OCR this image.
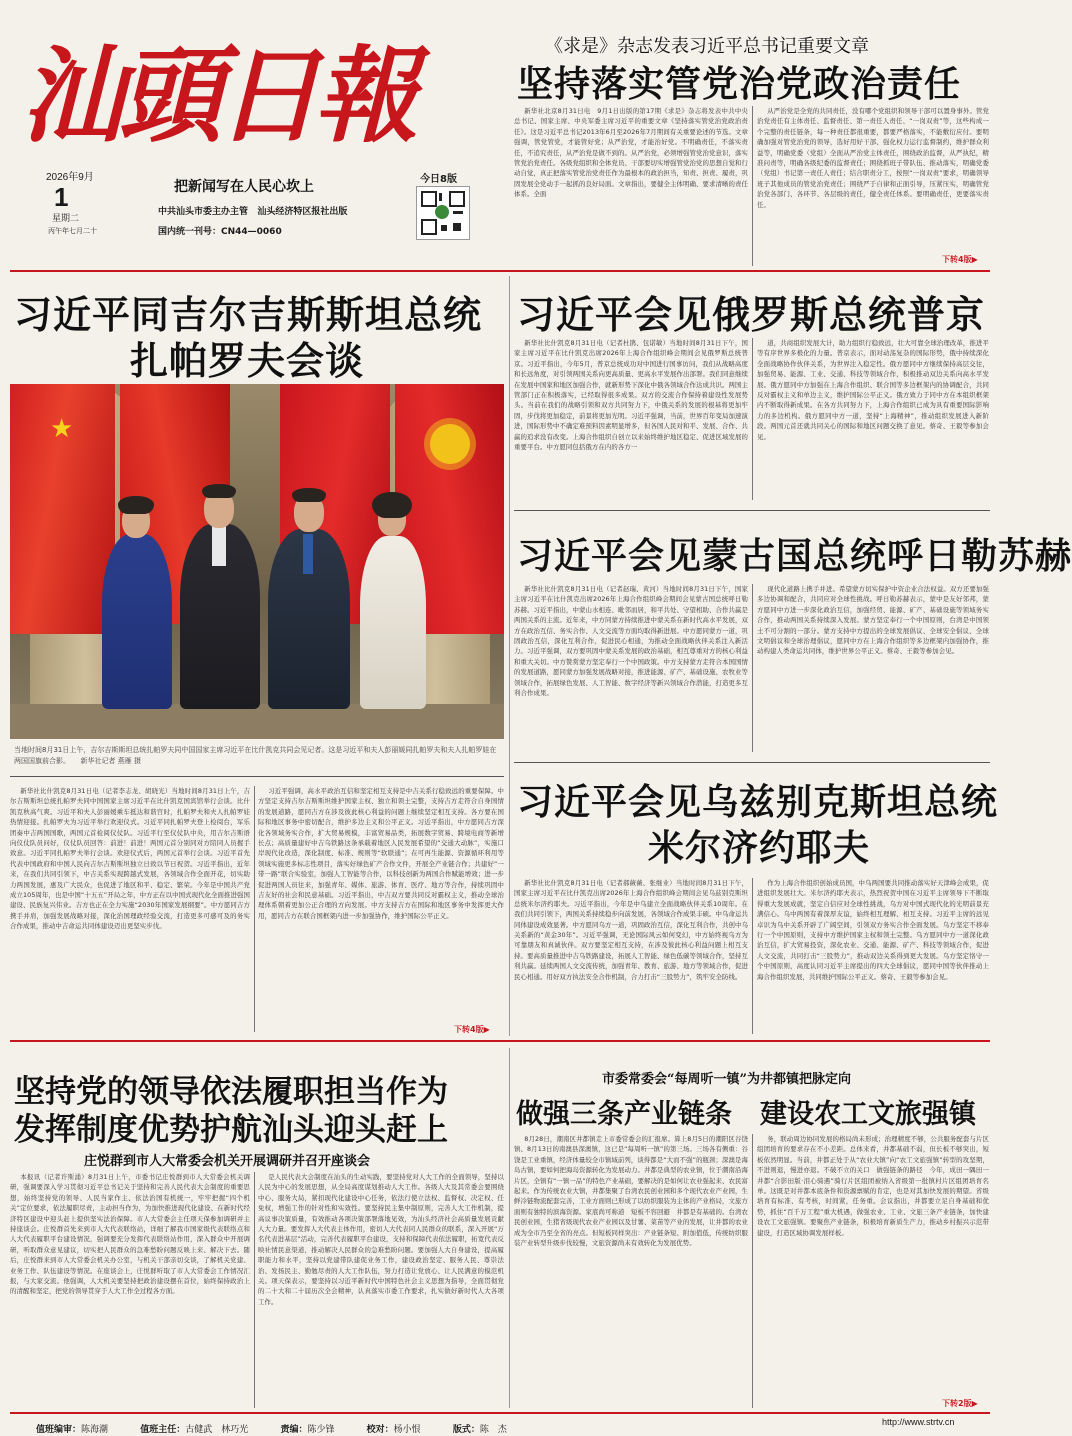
汕頭日報
2026年9月
1
星期二
丙午年七月二十
把新闻写在人民心坎上
中共汕头市委主办主管   汕头经济特区报社出版
国内统一刊号：CN44—0060
今日8版
《求是》杂志发表习近平总书记重要文章
坚持落实管党治党政治责任

新华社北京8月31日电　9月1日出版的第17期《求是》杂志将发表中共中央总书记、国家主席、中央军委主席习近平的重要文章《坚持落实管党治党政治责任》。这是习近平总书记2013年6月至2026年7月期间有关重要论述的节选。文章强调，管党管党，才能管好党；从严治党，才能治好党。不明确责任，不落实责任，不追究责任，从严治党是做不到的。从严治党，必须增强管党治党意识，落实管党治党责任。各级党组织和全体党员、干部要切实增强管党治党的思想自觉和行动自觉，真正把落实管党治党责任作为最根本的政治担当，知责、担责、履责，巩固发展全党动手一起抓的良好局面。文章指出，要健全主体明确、要求清晰的责任体系。全面

从严治党是全党的共同责任，没有哪个党组织和领导干部可以置身事外。管党治党责任有主体责任、监督责任、第一责任人责任、“一岗双责”等，这些构成一个完整的责任链条，每一种责任都很重要，都要严格落实，不能敷衍应付。要明确加强对管党治党的领导，选好用好干部、强化权力运行监督制约，维护群众利益等，明确党委（党组）全面从严治党主体责任，围绕政治监督，从严执纪，精准问责等，明确各级纪委的监督责任；围绕抓班子带队伍、推动落实，明确党委（党组）书记第一责任人责任；结合职责分工，按照“一岗双责”要求，明确领导班子其他成员的管党治党责任；围绕严于自律和正面引导，压紧压实，明确管党治党各部门、各环节、各层级的责任，健全责任体系。要明确责任，更要落实责任。

下转4版▶
习近平同吉尔吉斯斯坦总统
扎帕罗夫会谈
★
当地时间8月31日上午，吉尔吉斯斯坦总统扎帕罗夫同中国国家主席习近平在比什凯克共同会见记者。这是习近平和夫人彭丽媛同扎帕罗夫和夫人扎帕罗娃在两国国旗前合影。　　 新华社记者 燕雁 摄

新华社比什凯克8月31日电（记者李志龙、胡晓光）当地时间8月31日上午，吉尔吉斯斯坦总统扎帕罗夫同中国国家主席习近平在比什凯克国宾馆举行会谈。比什凯克秋高气爽。习近平和夫人彭丽媛乘车抵达和谐宫时，扎帕罗夫和夫人扎帕罗娃热情迎接。扎帕罗夫为习近平举行欢迎仪式。习近平同扎帕罗夫登上检阅台，军乐团奏中吉两国国歌，两国元首检阅仪仗队。习近平行至仪仗队中央，用吉尔吉斯语向仪仗队员问好，仪仗队员回答：前进！前进！两国元首分别同对方陪同人员握手致意。习近平同扎帕罗夫举行会谈。欢迎仪式后，两国元首举行会谈。习近平首先代表中国政府和中国人民向吉尔吉斯斯坦独立日致以节日祝贺。习近平指出，近年来，在我们共同引领下，中吉关系实现跨越式发展，各领域合作全面开花，切实助力两国发展，惠及广大民众，也促进了地区和平、稳定、繁荣。今年是中国共产党成立105周年，也是中国“十五五”开局之年，中方正在以中国式现代化全面推进强国建设、民族复兴伟业。吉方也正在全力实施“2030年国家发展纲要”。中方愿同吉方携手并肩，加强发展战略对接，深化治国理政经验交流，打造更多可感可及的务实合作成果，推动中吉命运共同体建设迈出更坚实步伐。

习近平强调，高水平政治互信和坚定相互支持是中吉关系行稳致远的重要保障。中方坚定支持吉尔吉斯斯坦维护国家主权、独立和领土完整，支持吉方走符合自身国情的发展道路，愿同吉方在涉及彼此核心利益的问题上继续坚定相互支持。各方要在国际和地区事务中密切配合，维护多边主义和公平正义。习近平指出，中方愿同吉方深化各领域务实合作，扩大贸易规模，丰富贸易品类，拓展数字贸易、跨境电商等新增长点；高质量建好中吉乌铁路这条承载着地区人民发展希望的“交通大动脉”，实施口岸现代化改造，深化制度、标准、规则等“软联通”；在可再生能源、资源循环利用等领域实施更多标志性项目，落实好绿色矿产合作文件，开展全产业链合作；共建好“一带一路”联合实验室，加强人工智能等合作，以科技创新为两国合作赋能增效；进一步促进两国人员往来，加强青年、媒体、旅游、体育、医疗、地方等合作，持续巩固中吉友好的社会和民意基础。习近平指出，中吉双方要共同反对霸权主义，推动全球治理体系朝着更加公正合理的方向发展。中方支持吉方在国际和地区事务中发挥更大作用，愿同吉方在联合国框架内进一步加强协作，维护国际公平正义。

下转4版▶
习近平会见俄罗斯总统普京

新华社比什凯克8月31日电（记者杜鹃、包诺敏）当地时间8月31日下午，国家主席习近平在比什凯克出席2026年上海合作组织峰会期间会见俄罗斯总统普京。习近平指出，今年5月，普京总统成功对中国进行国事访问，我们从战略高度和长远角度，对引领两国关系向更高质量、更高水平发展作出部署。我们同意继续在发展中国家和地区加强合作，就新形势下深化中俄各领域合作达成共识。两国主管部门正在积极落实，已经取得很多成果。双方的交流合作保持着建设性发展势头。当前在我们的战略引领和双方共同努力下，中俄关系的发展的根基将更加牢固，步伐将更加稳定，前景将更加光明。习近平强调，当前，世界百年变局加速演进，国际形势中不确定难预料因素明显增多，但各国人民对和平、发展、合作、共赢的追求没有改变。上海合作组织自创立以来始终维护地区稳定、促进区域发展的重要平台。中方愿同包括俄方在内的各方一

道，共商组织发展大计，助力组织行稳致远，壮大可靠全球治理改革，推进平等有序世界多极化的力量。普京表示，面对动荡复杂的国际形势，俄中持续深化全面战略协作伙伴关系，为世界注入稳定性。俄方愿同中方继续保持高层交往，加强贸易、能源、工业、交通、科技等领域合作，积极推动双边关系向高水平发展。俄方愿同中方加强在上海合作组织、联合国等多边框架内的协调配合，共同反对霸权主义和单边主义，维护国际公平正义。俄方致力于同中方在本组织框架内不断取得新成果。在各方共同努力下，上海合作组织已成为具有重要国际影响力的多边机构。俄方愿同中方一道，坚持“上海精神”，推动组织发展进入新阶段。两国元首还就共同关心的国际和地区问题交换了意见。蔡奇、王毅等参加会见。

习近平会见蒙古国总统呼日勒苏赫

新华社比什凯克8月31日电（记者赵瑞、黄河）当地时间8月31日下午，国家主席习近平在比什凯克出席2026年上海合作组织峰会期间会见蒙古国总统呼日勒苏赫。习近平指出，中蒙山水相连、毗邻而居，和平共处、守望相助、合作共赢是两国关系的主流。近年来，中方同蒙方持续推进中蒙关系在新时代高水平发展，双方在政治互信、务实合作、人文交流等方面均取得新进展。中方愿同蒙方一道，巩固政治互信，深化互利合作，促进民心相通，为推动全面战略伙伴关系注入新活力。习近平强调，双方要巩固中蒙关系发展的政治基础，相互尊重对方的核心利益和重大关切。中方赞赏蒙方坚定奉行一个中国政策。中方支持蒙方走符合本国国情的发展道路，愿同蒙方加强发展战略对接，推进能源、矿产、基础设施、农牧业等领域合作，拓展绿色发展、人工智能、数字经济等新兴领域合作潜能，打造更多互利合作成果。

现代化道路上携手并进。希望蒙方切实保护中资企业合法权益。双方还要加强多边协调和配合，共同应对全球性挑战。呼日勒苏赫表示，蒙中是友好邻邦，蒙方愿同中方进一步深化政治互信，加强经贸、能源、矿产、基础设施等领域务实合作，推动两国关系持续深入发展。蒙方坚定奉行一个中国原则，台湾是中国领土不可分割的一部分。蒙方支持中方提出的全球发展倡议、全球安全倡议、全球文明倡议和全球治理倡议，愿同中方在上海合作组织等多边框架内加强协作，推动构建人类命运共同体，维护世界公平正义。蔡奇、王毅等参加会见。

习近平会见乌兹别克斯坦总统
米尔济约耶夫

新华社比什凯克8月31日电（记者郝薇薇、张继业）当地时间8月31日下午，国家主席习近平在比什凯克出席2026年上海合作组织峰会期间会见乌兹别克斯坦总统米尔济约耶夫。习近平指出，今年是中乌建立全面战略伙伴关系10周年。在我们共同引领下，两国关系持续稳步向前发展，各领域合作成果丰硕。中乌命运共同体建设成效显著。中方愿同乌方一道，巩固政治互信，深化互利合作，共创中乌关系新的“黄金30年”。习近平强调，无论国际风云如何变幻，中方始终视乌方为可靠朋友和真诚伙伴。双方要坚定相互支持，在涉及彼此核心利益问题上相互支持。要高质量推进中吉乌铁路建设，拓展人工智能、绿色低碳等领域合作，坚持互利共赢。延续两国人文交流传统，加强青年、教育、旅游、地方等领域合作，促进民心相通。用好双方执法安全合作机制，合力打击“三股势力”，筑牢安全防线。

作为上海合作组织创始成员国，中乌两国要共同推动落实好天津峰会成果，促进组织发展壮大。米尔济约耶夫表示，热烈祝贺中国在习近平主席领导下不断取得重大发展成就，坚定自信应对全球性挑战，乌方对中国式现代化的光明前景充满信心。乌中两国有着深厚友谊，始终相互理解、相互支持。习近平主席的远见卓识为乌中关系开辟了广阔空间，引领双方务实合作全面发展。乌方坚定不移奉行一个中国原则，支持中方维护国家主权和领土完整。乌方愿同中方一道深化政治互信，扩大贸易投资，深化农业、交通、能源、矿产、科技等领域合作，促进人文交流，共同打击“三股势力”，推动双边关系得到更大发展。乌方坚定恪守一个中国原则，高度认同习近平主席提出的四大全球倡议，愿同中国等伙伴推动上海合作组织发展，共同维护国际公平正义。蔡奇、王毅等参加会见。

坚持党的领导依法履职担当作为
发挥制度优势护航汕头迎头赶上
庄悦群到市人大常委会机关开展调研并召开座谈会

本报讯（记者许斯涌）8月31日上午，市委书记庄悦群到市人大常委会机关调研，强调要深入学习贯彻习近平总书记关于坚持和完善人民代表大会制度的重要思想，始终坚持党的领导、人民当家作主、依法治国有机统一，牢牢把握“四个机关”定位要求，依法履职尽责，主动担当作为，为加快推进现代化建设、在新时代经济特区建设中迎头赶上提供坚实法治保障。市人大常委会主任项天保参加调研并主持座谈会。庄悦群首先来到市人大代表联络站，详细了解我市国家级代表联络点和人大代表履职平台建设情况，强调要充分发挥代表联络站作用，深入群众中开展调研，听取群众意见建议，切实把人民群众的急难愁盼问题反映上来、解决下去。随后，庄悦群来到市人大常委会机关办公室，与机关干部亲切交谈，了解机关党建、业务工作、队伍建设等情况。在座谈会上，庄悦群听取了市人大常委会工作情况汇报，与大家交流。他强调，人大机关要坚持把政治建设摆在首位，始终保持政治上的清醒和坚定，把党的领导贯穿于人大工作全过程各方面。

是人民代表大会制度在汕头的生动实践，要坚持党对人大工作的全面领导，坚持以人民为中心的发展思想，从全局高度谋划推动人大工作。各级人大及其常委会要围绕中心、服务大局，紧扣现代化建设中心任务，依法行使立法权、监督权、决定权、任免权，增强工作的针对性和实效性。要坚持民主集中制原则，完善人大工作机制，提高议事决策质量，有效推动各项决策部署落地见效，为汕头经济社会高质量发展贡献人大力量。要发挥人大代表主体作用，密切人大代表同人民群众的联系，深入开展“万名代表进基层”活动，完善代表履职平台建设，支持和保障代表依法履职，拓宽代表反映社情民意渠道，推动解决人民群众的急难愁盼问题。要加强人大自身建设，提高履职能力和水平，坚持以党建带队建促业务工作，建设政治坚定、服务人民、尊崇法治、发扬民主、勤勉尽责的人大工作队伍，努力打造让党放心、让人民满意的模范机关。项天保表示，要坚持以习近平新时代中国特色社会主义思想为指导，全面贯彻党的二十大和二十届历次全会精神，认真落实市委工作要求，扎实做好新时代人大各项工作。

市委常委会“每周听一镇”为井都镇把脉定向
做强三条产业链条 建设农工文旅强镇

8月28日，潮南区井都镇走上市委常委会的汇报席。算上8月5日的潮阳区谷饶镇、8月13日的南澳县深澳镇，这已是“每周听一镇”的第三场。三场各有侧重：谷饶是工业重镇，经济体量较全市镇域前列，谈得都是“大而不强”的瓶颈；深澳是海岛古镇，要如何把海岛资源转化为发展动力。井都是典型的农业镇，位于潮南沿海片区，全镇有“一镇一品”的特色产业基础，要解决的是如何让农业强起来、农民富起来。作为传统农业大镇，井都集聚了台湾农民创业园和多个现代农业产业园，生鲜冷链物流配套完善，工业方面则已形成了以纺织服装为主体的产业格局，文旅方面则有独特的滨海资源。家底尚可称道　短板不容回避　井都是有基础的。台湾农民创业园，生猪省级现代农业产业园以及甘薯、菜苗等产业的发展，让井都的农业成为全市乃至全省的亮点。但短板同样突出：产业链条短、附加值低，传统纺织服装产业转型升级步伐较慢，文旅资源尚未有效转化为发展优势。

务，联动周边协同发展的格局尚未形成；治理精度不够，公共服务配套与片区组团培育的要求存在不小差距。总体来看，井都基础不弱，但长板不够突出，短板依然明显。当前，井都正处于从“农业大镇”向“农工文旅强镇”转型的攻坚期，不进则退，慢进亦退。不破不立的关口　做强链条的路径　今年，成田一隅田一井都“合影田版·泪心骑遇”骑行片区组团被纳入省级第一批镇村片区组团培育名单。这既是对井都本底条件和资源禀赋的肯定，也是对其加快发展的期望。省级培育有标准、有考核，时间紧，任务重。会议指出，井都要立足自身基础和优势，抓住“百千万工程”重大机遇，做强农业、工业、文旅三条产业链条，加快建设农工文旅强镇。要聚焦产业链条，积极培育新质生产力，推动乡村振兴示范带建设，打造区域协调发展样板。

下转2版▶
值班编审：陈海潮	值班主任：古健武　林巧光	责编：陈少锋	校对：杨小恨	版式：陈　杰
http://www.strtv.cn
